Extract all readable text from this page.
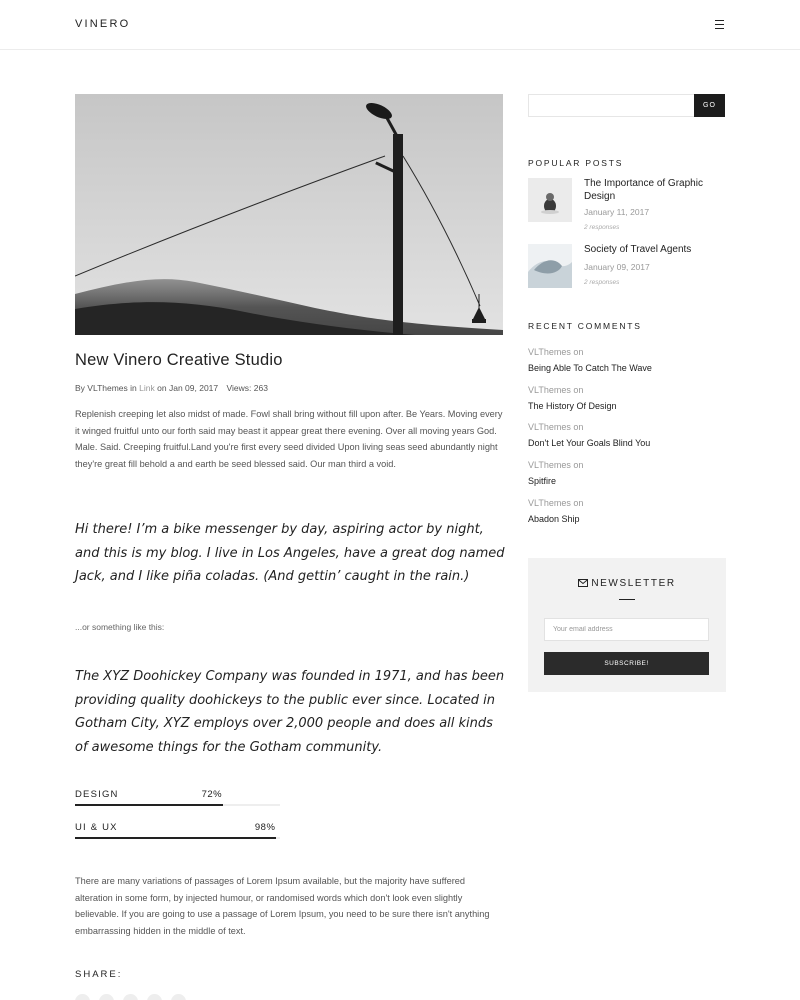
VINERO
New Vinero Creative Studio
By VLThemes in Link on Jan 09, 2017 Views: 263

Replenish creeping let also midst of made. Fowl shall bring without fill upon after. Be Years. Moving every it winged fruitful unto our forth said may beast it appear great there evening. Over all moving years God. Male. Said. Creeping fruitful.Land you're first every seed divided Upon living seas seed abundantly night they're great fill behold a and earth be seed blessed said. Our man third a void.

Hi there! I’m a bike messenger by day, aspiring actor by night, and this is my blog. I live in Los Angeles, have a great dog named Jack, and I like piña coladas. (And gettin’ caught in the rain.)

...or something like this:

The XYZ Doohickey Company was founded in 1971, and has been providing quality doohickeys to the public ever since. Located in Gotham City, XYZ employs over 2,000 people and does all kinds of awesome things for the Gotham community.

DESIGN	72%
UI & UX	98%

There are many variations of passages of Lorem Ipsum available, but the majority have suffered alteration in some form, by injected humour, or randomised words which don't look even slightly believable. If you are going to use a passage of Lorem Ipsum, you need to be sure there isn't anything embarrassing hidden in the middle of text.

SHARE:
GO
POPULAR POSTS
The Importance of Graphic Design
January 11, 2017
2 responses
Society of Travel Agents
January 09, 2017
2 responses
RECENT COMMENTS
VLThemes on
Being Able To Catch The Wave
VLThemes on
The History Of Design
VLThemes on
Don't Let Your Goals Blind You
VLThemes on
Spitfire
VLThemes on
Abadon Ship
NEWSLETTER
Your email address
SUBSCRIBE!
